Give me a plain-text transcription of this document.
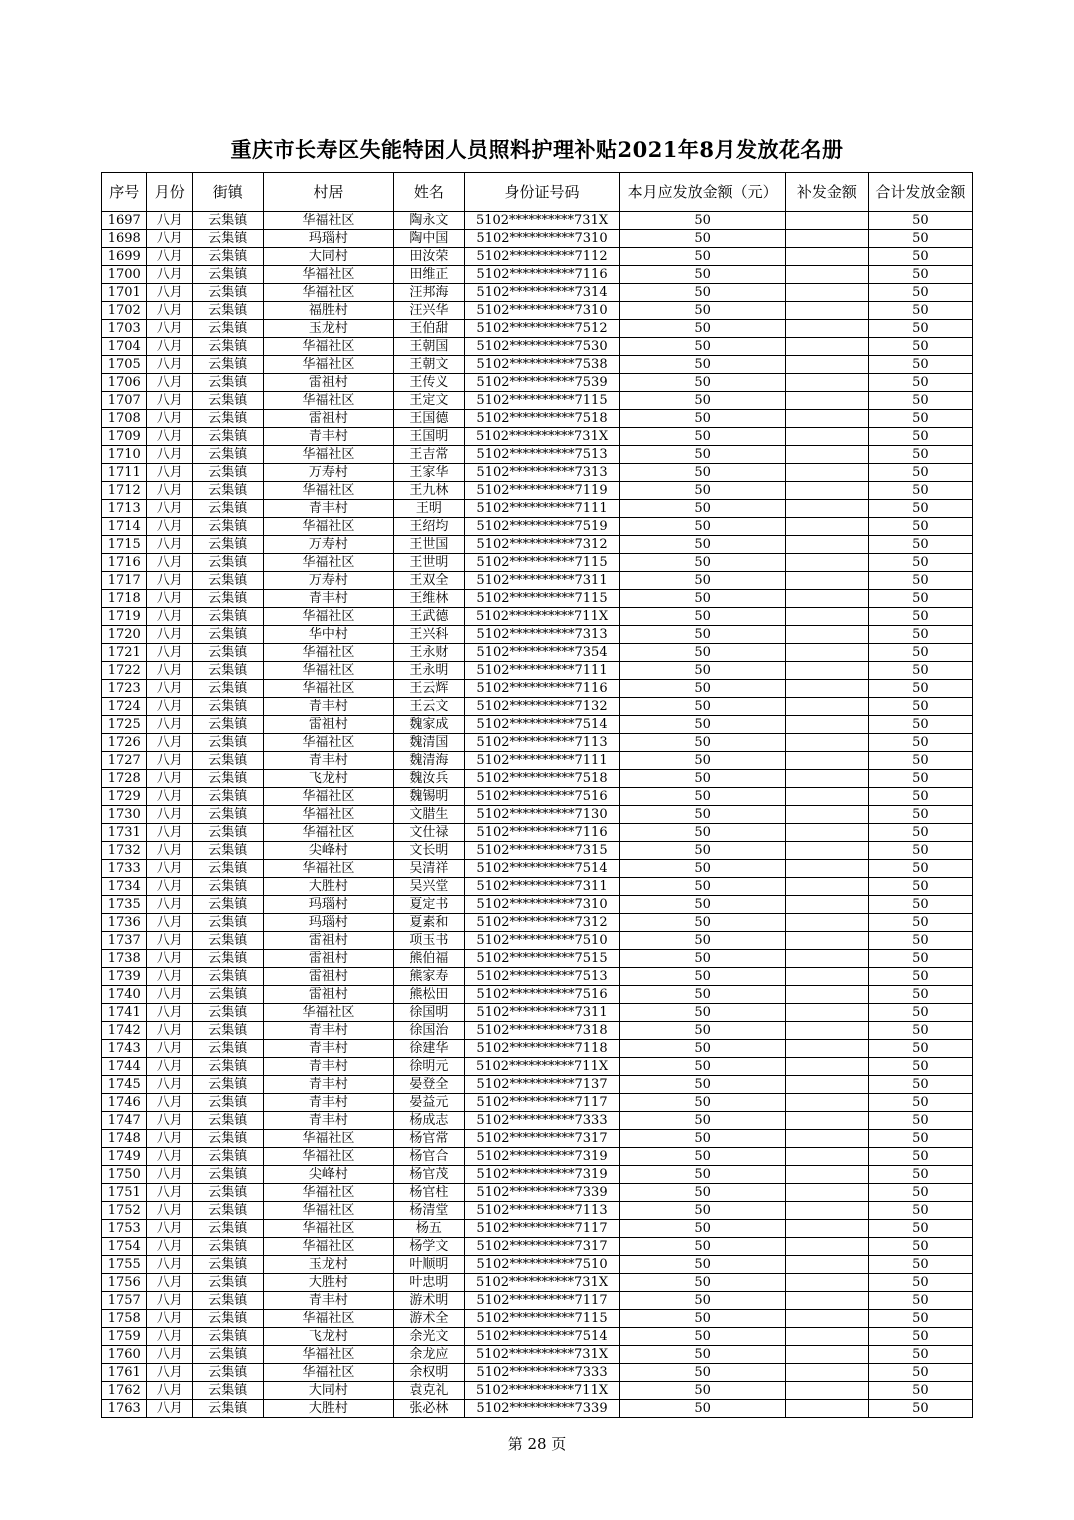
重庆市长寿区失能特困人员照料护理补贴2021年8月发放花名册
序号	月份	街镇	村居	姓名	身份证号码	本月应发放金额（元）	补发金额	合计发放金额
1697	八月	云集镇	华福社区	陶永文	5102**********731X	50		50
1698	八月	云集镇	玛瑙村	陶中国	5102**********7310	50		50
1699	八月	云集镇	大同村	田汝荣	5102**********7112	50		50
1700	八月	云集镇	华福社区	田维正	5102**********7116	50		50
1701	八月	云集镇	华福社区	汪邦海	5102**********7314	50		50
1702	八月	云集镇	福胜村	汪兴华	5102**********7310	50		50
1703	八月	云集镇	玉龙村	王伯甜	5102**********7512	50		50
1704	八月	云集镇	华福社区	王朝国	5102**********7530	50		50
1705	八月	云集镇	华福社区	王朝文	5102**********7538	50		50
1706	八月	云集镇	雷祖村	王传义	5102**********7539	50		50
1707	八月	云集镇	华福社区	王定文	5102**********7115	50		50
1708	八月	云集镇	雷祖村	王国德	5102**********7518	50		50
1709	八月	云集镇	青丰村	王国明	5102**********731X	50		50
1710	八月	云集镇	华福社区	王吉常	5102**********7513	50		50
1711	八月	云集镇	万寿村	王家华	5102**********7313	50		50
1712	八月	云集镇	华福社区	王九林	5102**********7119	50		50
1713	八月	云集镇	青丰村	王明	5102**********7111	50		50
1714	八月	云集镇	华福社区	王绍均	5102**********7519	50		50
1715	八月	云集镇	万寿村	王世国	5102**********7312	50		50
1716	八月	云集镇	华福社区	王世明	5102**********7115	50		50
1717	八月	云集镇	万寿村	王双全	5102**********7311	50		50
1718	八月	云集镇	青丰村	王维林	5102**********7115	50		50
1719	八月	云集镇	华福社区	王武德	5102**********711X	50		50
1720	八月	云集镇	华中村	王兴科	5102**********7313	50		50
1721	八月	云集镇	华福社区	王永财	5102**********7354	50		50
1722	八月	云集镇	华福社区	王永明	5102**********7111	50		50
1723	八月	云集镇	华福社区	王云辉	5102**********7116	50		50
1724	八月	云集镇	青丰村	王云文	5102**********7132	50		50
1725	八月	云集镇	雷祖村	魏家成	5102**********7514	50		50
1726	八月	云集镇	华福社区	魏清国	5102**********7113	50		50
1727	八月	云集镇	青丰村	魏清海	5102**********7111	50		50
1728	八月	云集镇	飞龙村	魏汝兵	5102**********7518	50		50
1729	八月	云集镇	华福社区	魏锡明	5102**********7516	50		50
1730	八月	云集镇	华福社区	文腊生	5102**********7130	50		50
1731	八月	云集镇	华福社区	文仕禄	5102**********7116	50		50
1732	八月	云集镇	尖峰村	文长明	5102**********7315	50		50
1733	八月	云集镇	华福社区	吴清祥	5102**********7514	50		50
1734	八月	云集镇	大胜村	吴兴堂	5102**********7311	50		50
1735	八月	云集镇	玛瑙村	夏定书	5102**********7310	50		50
1736	八月	云集镇	玛瑙村	夏素和	5102**********7312	50		50
1737	八月	云集镇	雷祖村	项玉书	5102**********7510	50		50
1738	八月	云集镇	雷祖村	熊伯福	5102**********7515	50		50
1739	八月	云集镇	雷祖村	熊家寿	5102**********7513	50		50
1740	八月	云集镇	雷祖村	熊松田	5102**********7516	50		50
1741	八月	云集镇	华福社区	徐国明	5102**********7311	50		50
1742	八月	云集镇	青丰村	徐国治	5102**********7318	50		50
1743	八月	云集镇	青丰村	徐建华	5102**********7118	50		50
1744	八月	云集镇	青丰村	徐明元	5102**********711X	50		50
1745	八月	云集镇	青丰村	晏登全	5102**********7137	50		50
1746	八月	云集镇	青丰村	晏益元	5102**********7117	50		50
1747	八月	云集镇	青丰村	杨成志	5102**********7333	50		50
1748	八月	云集镇	华福社区	杨官常	5102**********7317	50		50
1749	八月	云集镇	华福社区	杨官合	5102**********7319	50		50
1750	八月	云集镇	尖峰村	杨官茂	5102**********7319	50		50
1751	八月	云集镇	华福社区	杨官柱	5102**********7339	50		50
1752	八月	云集镇	华福社区	杨清堂	5102**********7113	50		50
1753	八月	云集镇	华福社区	杨五	5102**********7117	50		50
1754	八月	云集镇	华福社区	杨学文	5102**********7317	50		50
1755	八月	云集镇	玉龙村	叶顺明	5102**********7510	50		50
1756	八月	云集镇	大胜村	叶忠明	5102**********731X	50		50
1757	八月	云集镇	青丰村	游术明	5102**********7117	50		50
1758	八月	云集镇	华福社区	游术全	5102**********7115	50		50
1759	八月	云集镇	飞龙村	余光文	5102**********7514	50		50
1760	八月	云集镇	华福社区	余龙应	5102**********731X	50		50
1761	八月	云集镇	华福社区	余权明	5102**********7333	50		50
1762	八月	云集镇	大同村	袁克礼	5102**********711X	50		50
1763	八月	云集镇	大胜村	张必林	5102**********7339	50		50
第 28 页
